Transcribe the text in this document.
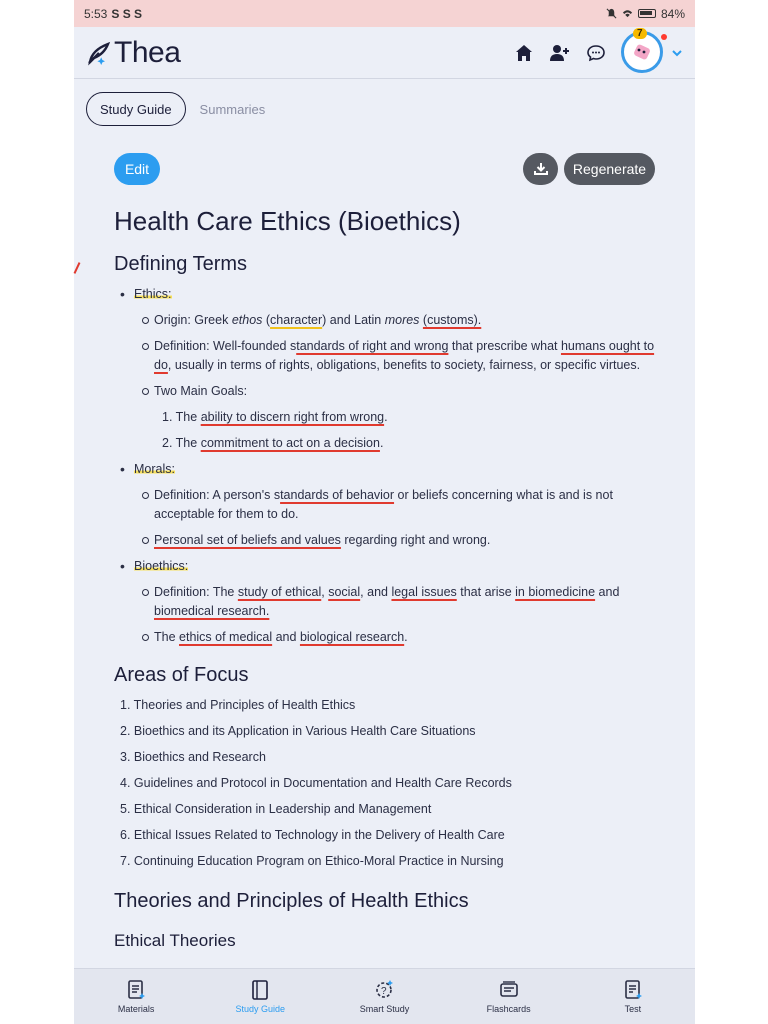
5:53 S S S	84%
Thea
7
Study Guide	Summaries
Edit	Regenerate
Health Care Ethics (Bioethics)
Defining Terms
• Ethics:
Origin: Greek ethos (character) and Latin mores (customs).
Definition: Well-founded standards of right and wrong that prescribe what humans ought to do, usually in terms of rights, obligations, benefits to society, fairness, or specific virtues.
Two Main Goals:
1. The ability to discern right from wrong.
2. The commitment to act on a decision.
• Morals:
Definition: A person's standards of behavior or beliefs concerning what is and is not acceptable for them to do.
Personal set of beliefs and values regarding right and wrong.
• Bioethics:
Definition: The study of ethical, social, and legal issues that arise in biomedicine and biomedical research.
The ethics of medical and biological research.
Areas of Focus
1. Theories and Principles of Health Ethics
2. Bioethics and its Application in Various Health Care Situations
3. Bioethics and Research
4. Guidelines and Protocol in Documentation and Health Care Records
5. Ethical Consideration in Leadership and Management
6. Ethical Issues Related to Technology in the Delivery of Health Care
7. Continuing Education Program on Ethico-Moral Practice in Nursing
Theories and Principles of Health Ethics
Ethical Theories
Materials	Study Guide
?
Smart Study	Flashcards	Test
